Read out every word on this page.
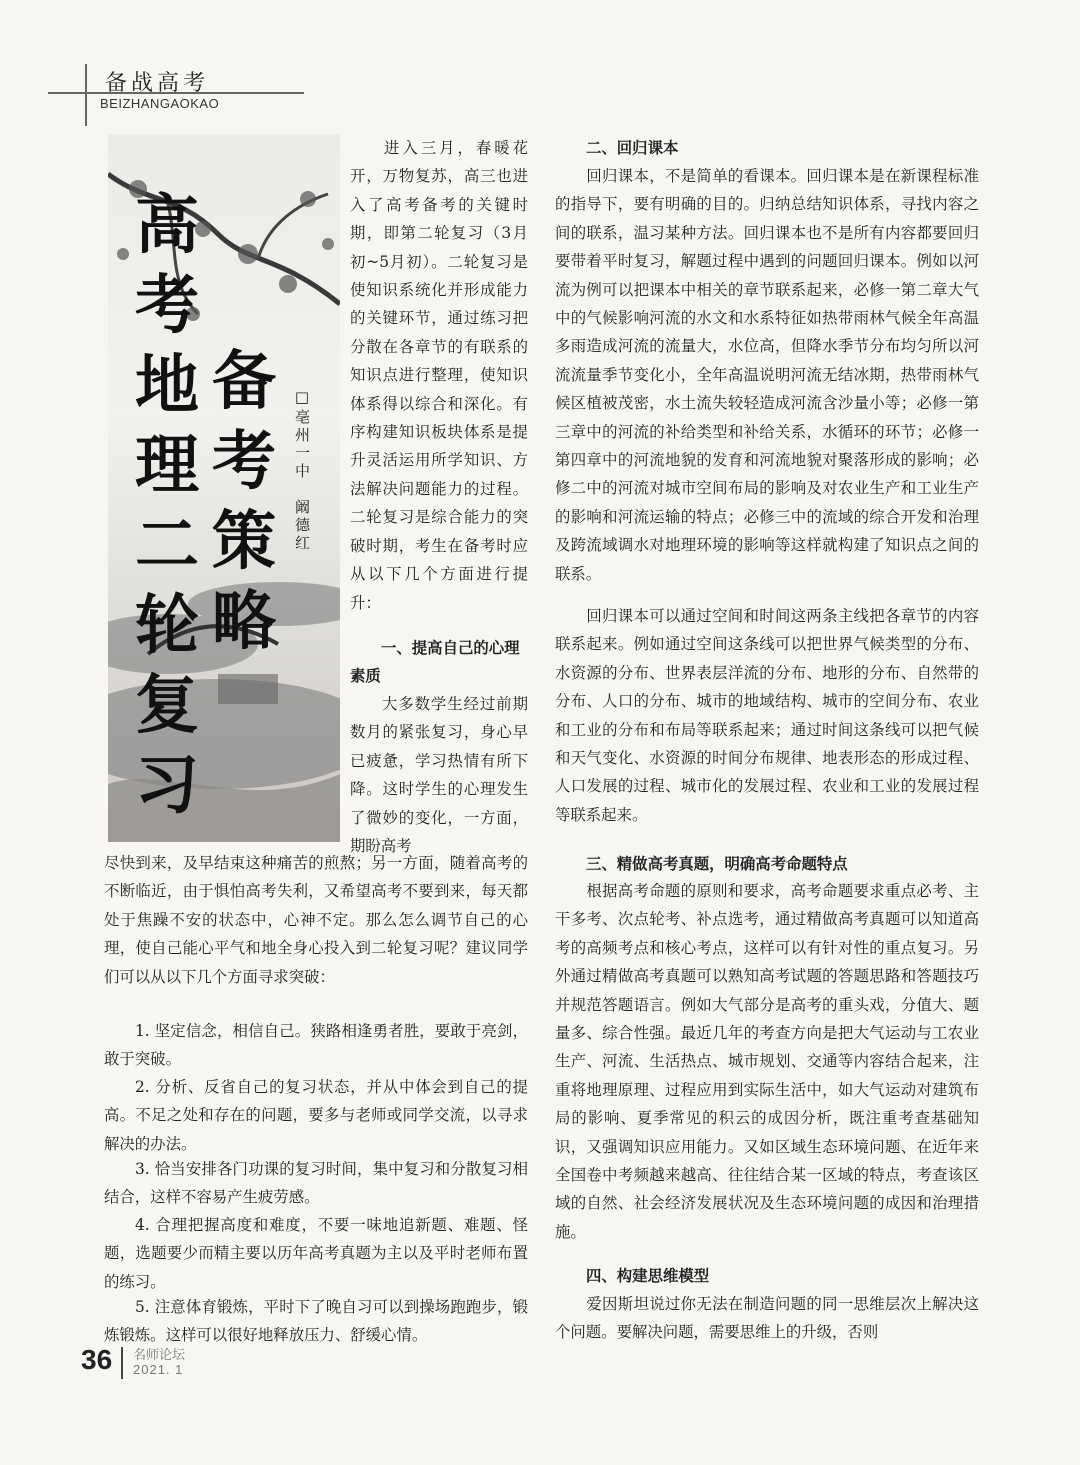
备战高考
BEIZHANGAOKAO
高
考
地
理
二
轮
复
习
备
考
策
略
□亳州一中　阚德红

进入三月，春暖花开，万物复苏，高三也进入了高考备考的关键时期，即第二轮复习（3月初~5月初）。二轮复习是使知识系统化并形成能力的关键环节，通过练习把分散在各章节的有联系的知识点进行整理，使知识体系得以综合和深化。有序构建知识板块体系是提升灵活运用所学知识、方法解决问题能力的过程。二轮复习是综合能力的突破时期，考生在备考时应从以下几个方面进行提升：

一、提高自己的心理素质

大多数学生经过前期数月的紧张复习，身心早已疲惫，学习热情有所下降。这时学生的心理发生了微妙的变化，一方面，期盼高考

尽快到来，及早结束这种痛苦的煎熬；另一方面，随着高考的不断临近，由于惧怕高考失利，又希望高考不要到来，每天都处于焦躁不安的状态中，心神不定。那么怎么调节自己的心理，使自己能心平气和地全身心投入到二轮复习呢？建议同学们可以从以下几个方面寻求突破：

1. 坚定信念，相信自己。狭路相逢勇者胜，要敢于亮剑，敢于突破。

2. 分析、反省自己的复习状态，并从中体会到自己的提高。不足之处和存在的问题，要多与老师或同学交流，以寻求解决的办法。

3. 恰当安排各门功课的复习时间，集中复习和分散复习相结合，这样不容易产生疲劳感。

4. 合理把握高度和难度，不要一味地追新题、难题、怪题，选题要少而精主要以历年高考真题为主以及平时老师布置的练习。

5. 注意体育锻炼，平时下了晚自习可以到操场跑跑步，锻炼锻炼。这样可以很好地释放压力、舒缓心情。

二、回归课本

回归课本，不是简单的看课本。回归课本是在新课程标准的指导下，要有明确的目的。归纳总结知识体系，寻找内容之间的联系，温习某种方法。回归课本也不是所有内容都要回归要带着平时复习，解题过程中遇到的问题回归课本。例如以河流为例可以把课本中相关的章节联系起来，必修一第二章大气中的气候影响河流的水文和水系特征如热带雨林气候全年高温多雨造成河流的流量大，水位高，但降水季节分布均匀所以河流流量季节变化小，全年高温说明河流无结冰期，热带雨林气候区植被茂密，水土流失较轻造成河流含沙量小等；必修一第三章中的河流的补给类型和补给关系，水循环的环节；必修一第四章中的河流地貌的发育和河流地貌对聚落形成的影响；必修二中的河流对城市空间布局的影响及对农业生产和工业生产的影响和河流运输的特点；必修三中的流域的综合开发和治理及跨流域调水对地理环境的影响等这样就构建了知识点之间的联系。

回归课本可以通过空间和时间这两条主线把各章节的内容联系起来。例如通过空间这条线可以把世界气候类型的分布、水资源的分布、世界表层洋流的分布、地形的分布、自然带的分布、人口的分布、城市的地域结构、城市的空间分布、农业和工业的分布和布局等联系起来；通过时间这条线可以把气候和天气变化、水资源的时间分布规律、地表形态的形成过程、人口发展的过程、城市化的发展过程、农业和工业的发展过程等联系起来。

三、精做高考真题，明确高考命题特点

根据高考命题的原则和要求，高考命题要求重点必考、主干多考、次点轮考、补点选考，通过精做高考真题可以知道高考的高频考点和核心考点，这样可以有针对性的重点复习。另外通过精做高考真题可以熟知高考试题的答题思路和答题技巧并规范答题语言。例如大气部分是高考的重头戏，分值大、题量多、综合性强。最近几年的考查方向是把大气运动与工农业生产、河流、生活热点、城市规划、交通等内容结合起来，注重将地理原理、过程应用到实际生活中，如大气运动对建筑布局的影响、夏季常见的积云的成因分析，既注重考查基础知识，又强调知识应用能力。又如区域生态环境问题、在近年来全国卷中考频越来越高、往往结合某一区域的特点，考查该区域的自然、社会经济发展状况及生态环境问题的成因和治理措施。

四、构建思维模型

爱因斯坦说过你无法在制造问题的同一思维层次上解决这个问题。要解决问题，需要思维上的升级，否则

36 名师论坛
2021. 1
